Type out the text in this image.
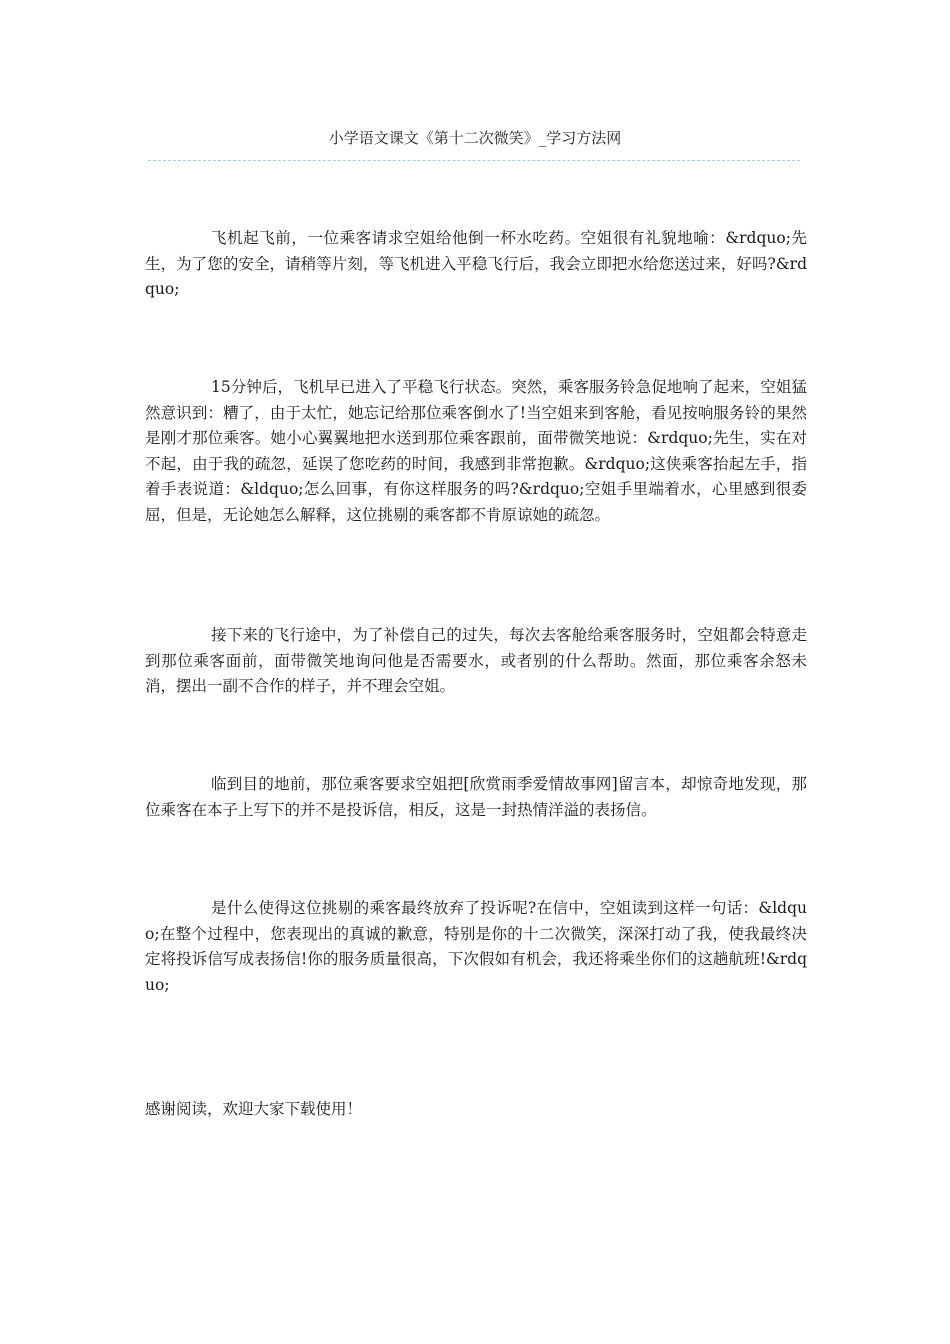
小学语文课文《第十二次微笑》_学习方法网

飞机起飞前，一位乘客请求空姐给他倒一杯水吃药。空姐很有礼貌地喻：&rdquo;先生，为了您的安全，请稍等片刻，等飞机进入平稳飞行后，我会立即把水给您送过来，好吗?&rdquo;

15分钟后，飞机早已进入了平稳飞行状态。突然，乘客服务铃急促地响了起来，空姐猛然意识到：糟了，由于太忙，她忘记给那位乘客倒水了!当空姐来到客舱，看见按响服务铃的果然是刚才那位乘客。她小心翼翼地把水送到那位乘客跟前，面带微笑地说：&rdquo;先生，实在对不起，由于我的疏忽，延误了您吃药的时间，我感到非常抱歉。&rdquo;这侠乘客抬起左手，指着手表说道：&ldquo;怎么回事，有你这样服务的吗?&rdquo;空姐手里端着水，心里感到很委屈，但是，无论她怎么解释，这位挑剔的乘客都不肯原谅她的疏忽。

接下来的飞行途中，为了补偿自己的过失，每次去客舱给乘客服务时，空姐都会特意走到那位乘客面前，面带微笑地询问他是否需要水，或者别的什么帮助。然面，那位乘客余怒未消，摆出一副不合作的样子，并不理会空姐。

临到目的地前，那位乘客要求空姐把[欣赏雨季爱情故事网]留言本，却惊奇地发现，那位乘客在本子上写下的并不是投诉信，相反，这是一封热情洋溢的表扬信。

是什么使得这位挑剔的乘客最终放弃了投诉呢?在信中，空姐读到这样一句话：&ldquo;在整个过程中，您表现出的真诚的歉意，特别是你的十二次微笑，深深打动了我，使我最终决定将投诉信写成表扬信!你的服务质量很高，下次假如有机会，我还将乘坐你们的这趟航班!&rdquo;

感谢阅读，欢迎大家下载使用！
